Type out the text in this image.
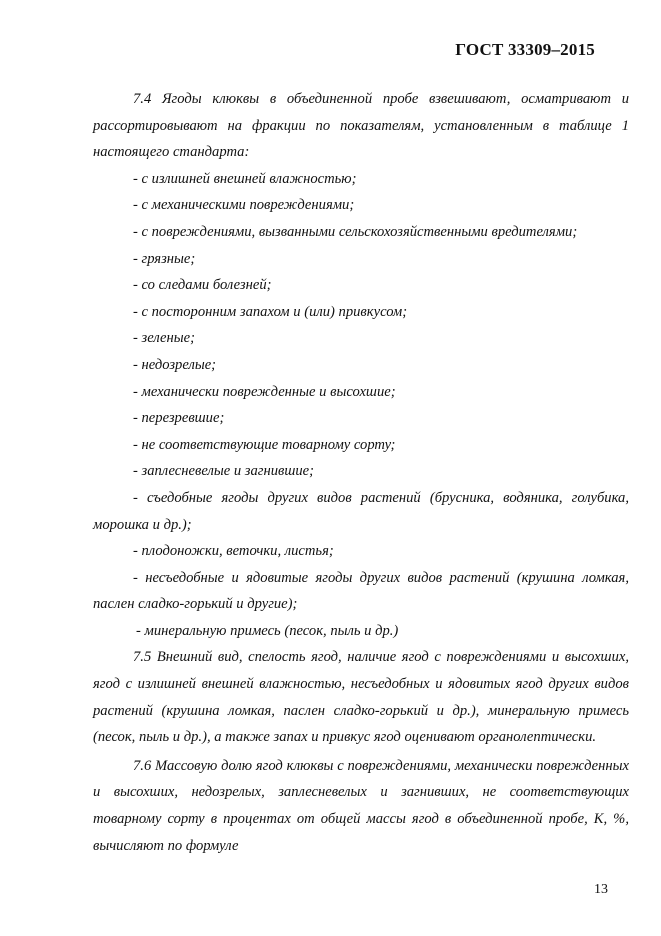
ГОСТ 33309–2015

7.4 Ягоды клюквы в объединенной пробе взвешивают, осматривают и рассортировывают на фракции по показателям, установленным в таблице 1 настоящего стандарта:

- с излишней внешней влажностью;

- с механическими повреждениями;

- с повреждениями, вызванными сельскохозяйственными вредителями;

- грязные;

- со следами болезней;

- с посторонним запахом и (или) привкусом;

- зеленые;

- недозрелые;

- механически поврежденные и высохшие;

- перезревшие;

- не соответствующие товарному сорту;

- заплесневелые и загнившие;

- съедобные ягоды других видов растений (брусника, водяника, голубика, морошка и др.);

- плодоножки, веточки, листья;

- несъедобные и ядовитые ягоды других видов растений (крушина ломкая, паслен сладко-горький и другие);

- минеральную примесь (песок, пыль и др.)

7.5 Внешний вид, спелость ягод, наличие ягод с повреждениями и высохших, ягод с излишней внешней влажностью, несъедобных и ядовитых ягод других видов растений (крушина ломкая, паслен сладко-горький и др.), минеральную примесь (песок, пыль и др.), а также запах и привкус ягод оценивают органолептически.

7.6 Массовую долю ягод клюквы с повреждениями, механически поврежденных и высохших, недозрелых, заплесневелых и загнивших, не соответствующих товарному сорту в процентах от общей массы ягод в объединенной пробе, К, %, вычисляют по формуле

13
